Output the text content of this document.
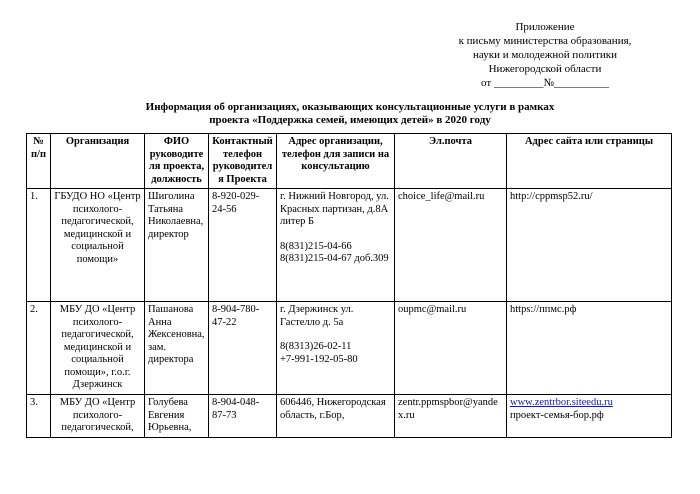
Приложение
к письму министерства образования,
науки и молодежной политики
Нижегородской области
от _________№__________
Информация об организациях, оказывающих консультационные услуги в рамках
проекта «Поддержка семей, имеющих детей» в 2020 году
№ п/п	Организация	ФИО руководителя проекта, должность	Контактный телефон руководителя Проекта	Адрес организации, телефон для записи на консультацию	Эл.почта	Адрес сайта или страницы
1.	ГБУДО НО «Центр психолого-педагогической, медицинской и социальной помощи»	Шиголина Татьяна Николаевна, директор	8-920-029-24-56	г. Нижний Новгород, ул. Красных партизан, д.8А литер Б
8(831)215-04-66
8(831)215-04-67 доб.309	choice_life@mail.ru	http://cppmsp52.ru/
2.	МБУ ДО «Центр психолого-педагогической, медицинской и социальной помощи», г.о.г. Дзержинск	Пашанова Анна Жексеновна, зам. директора	8-904-780-47-22	г. Дзержинск ул. Гастелло д. 5а
8(8313)26-02-11
+7-991-192-05-80	oupmc@mail.ru	https://ппмс.рф
3.	МБУ ДО «Центр психолого-педагогической,	Голубева Евгения Юрьевна,	8-904-048-87-73	606446, Нижегородская область, г.Бор,	zentr.ppmspbor@yandex.ru	www.zentrbor.siteedu.ru
проект-семья-бор.рф
